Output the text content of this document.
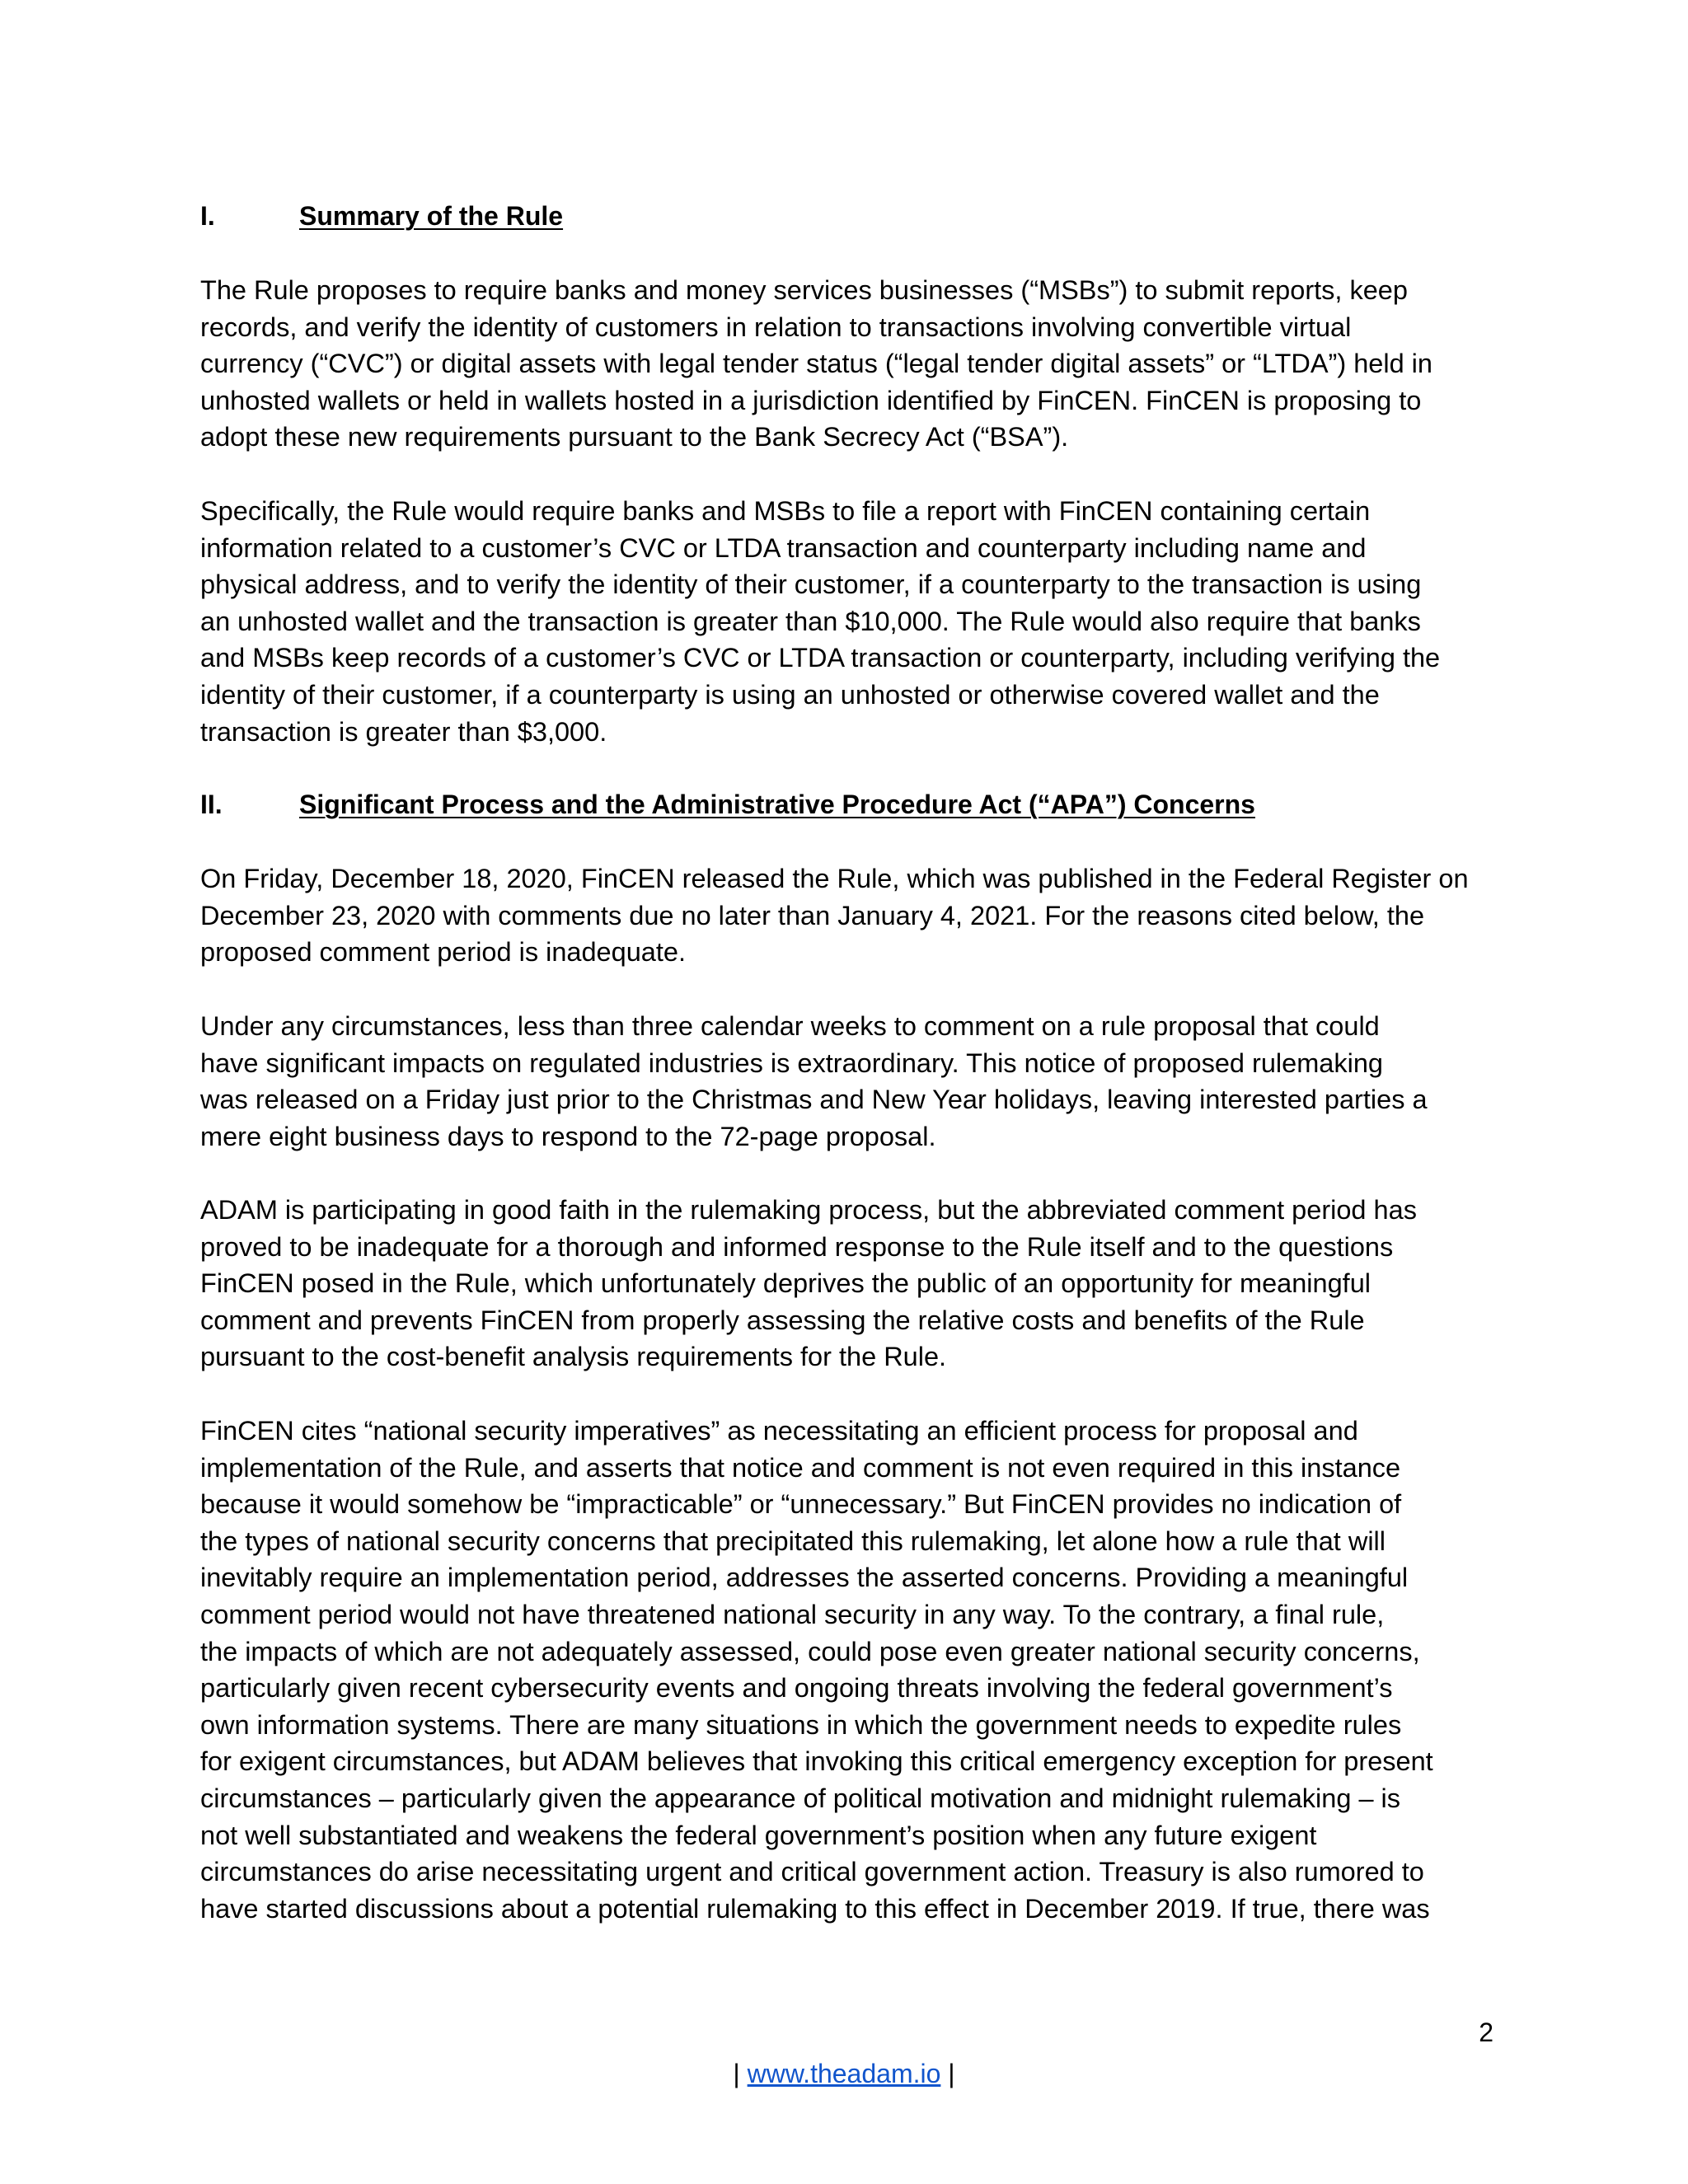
I.	Summary of the Rule

The Rule proposes to require banks and money services businesses (“MSBs”) to submit reports, keep
records, and verify the identity of customers in relation to transactions involving convertible virtual
currency (“CVC”) or digital assets with legal tender status (“legal tender digital assets” or “LTDA”) held in
unhosted wallets or held in wallets hosted in a jurisdiction identified by FinCEN. FinCEN is proposing to
adopt these new requirements pursuant to the Bank Secrecy Act (“BSA”).

Specifically, the Rule would require banks and MSBs to file a report with FinCEN containing certain
information related to a customer’s CVC or LTDA transaction and counterparty including name and
physical address, and to verify the identity of their customer, if a counterparty to the transaction is using
an unhosted wallet and the transaction is greater than $10,000. The Rule would also require that banks
and MSBs keep records of a customer’s CVC or LTDA transaction or counterparty, including verifying the
identity of their customer, if a counterparty is using an unhosted or otherwise covered wallet and the
transaction is greater than $3,000.

II.	Significant Process and the Administrative Procedure Act (“APA”) Concerns

On Friday, December 18, 2020, FinCEN released the Rule, which was published in the Federal Register on
December 23, 2020 with comments due no later than January 4, 2021. For the reasons cited below, the
proposed comment period is inadequate.

Under any circumstances, less than three calendar weeks to comment on a rule proposal that could
have significant impacts on regulated industries is extraordinary. This notice of proposed rulemaking
was released on a Friday just prior to the Christmas and New Year holidays, leaving interested parties a
mere eight business days to respond to the 72-page proposal.

ADAM is participating in good faith in the rulemaking process, but the abbreviated comment period has
proved to be inadequate for a thorough and informed response to the Rule itself and to the questions
FinCEN posed in the Rule, which unfortunately deprives the public of an opportunity for meaningful
comment and prevents FinCEN from properly assessing the relative costs and benefits of the Rule
pursuant to the cost-benefit analysis requirements for the Rule.

FinCEN cites “national security imperatives” as necessitating an efficient process for proposal and
implementation of the Rule, and asserts that notice and comment is not even required in this instance
because it would somehow be “impracticable” or “unnecessary.” But FinCEN provides no indication of
the types of national security concerns that precipitated this rulemaking, let alone how a rule that will
inevitably require an implementation period, addresses the asserted concerns. Providing a meaningful
comment period would not have threatened national security in any way. To the contrary, a final rule,
the impacts of which are not adequately assessed, could pose even greater national security concerns,
particularly given recent cybersecurity events and ongoing threats involving the federal government’s
own information systems. There are many situations in which the government needs to expedite rules
for exigent circumstances, but ADAM believes that invoking this critical emergency exception for present
circumstances – particularly given the appearance of political motivation and midnight rulemaking – is
not well substantiated and weakens the federal government’s position when any future exigent
circumstances do arise necessitating urgent and critical government action. Treasury is also rumored to
have started discussions about a potential rulemaking to this effect in December 2019. If true, there was

2
| www.theadam.io |
